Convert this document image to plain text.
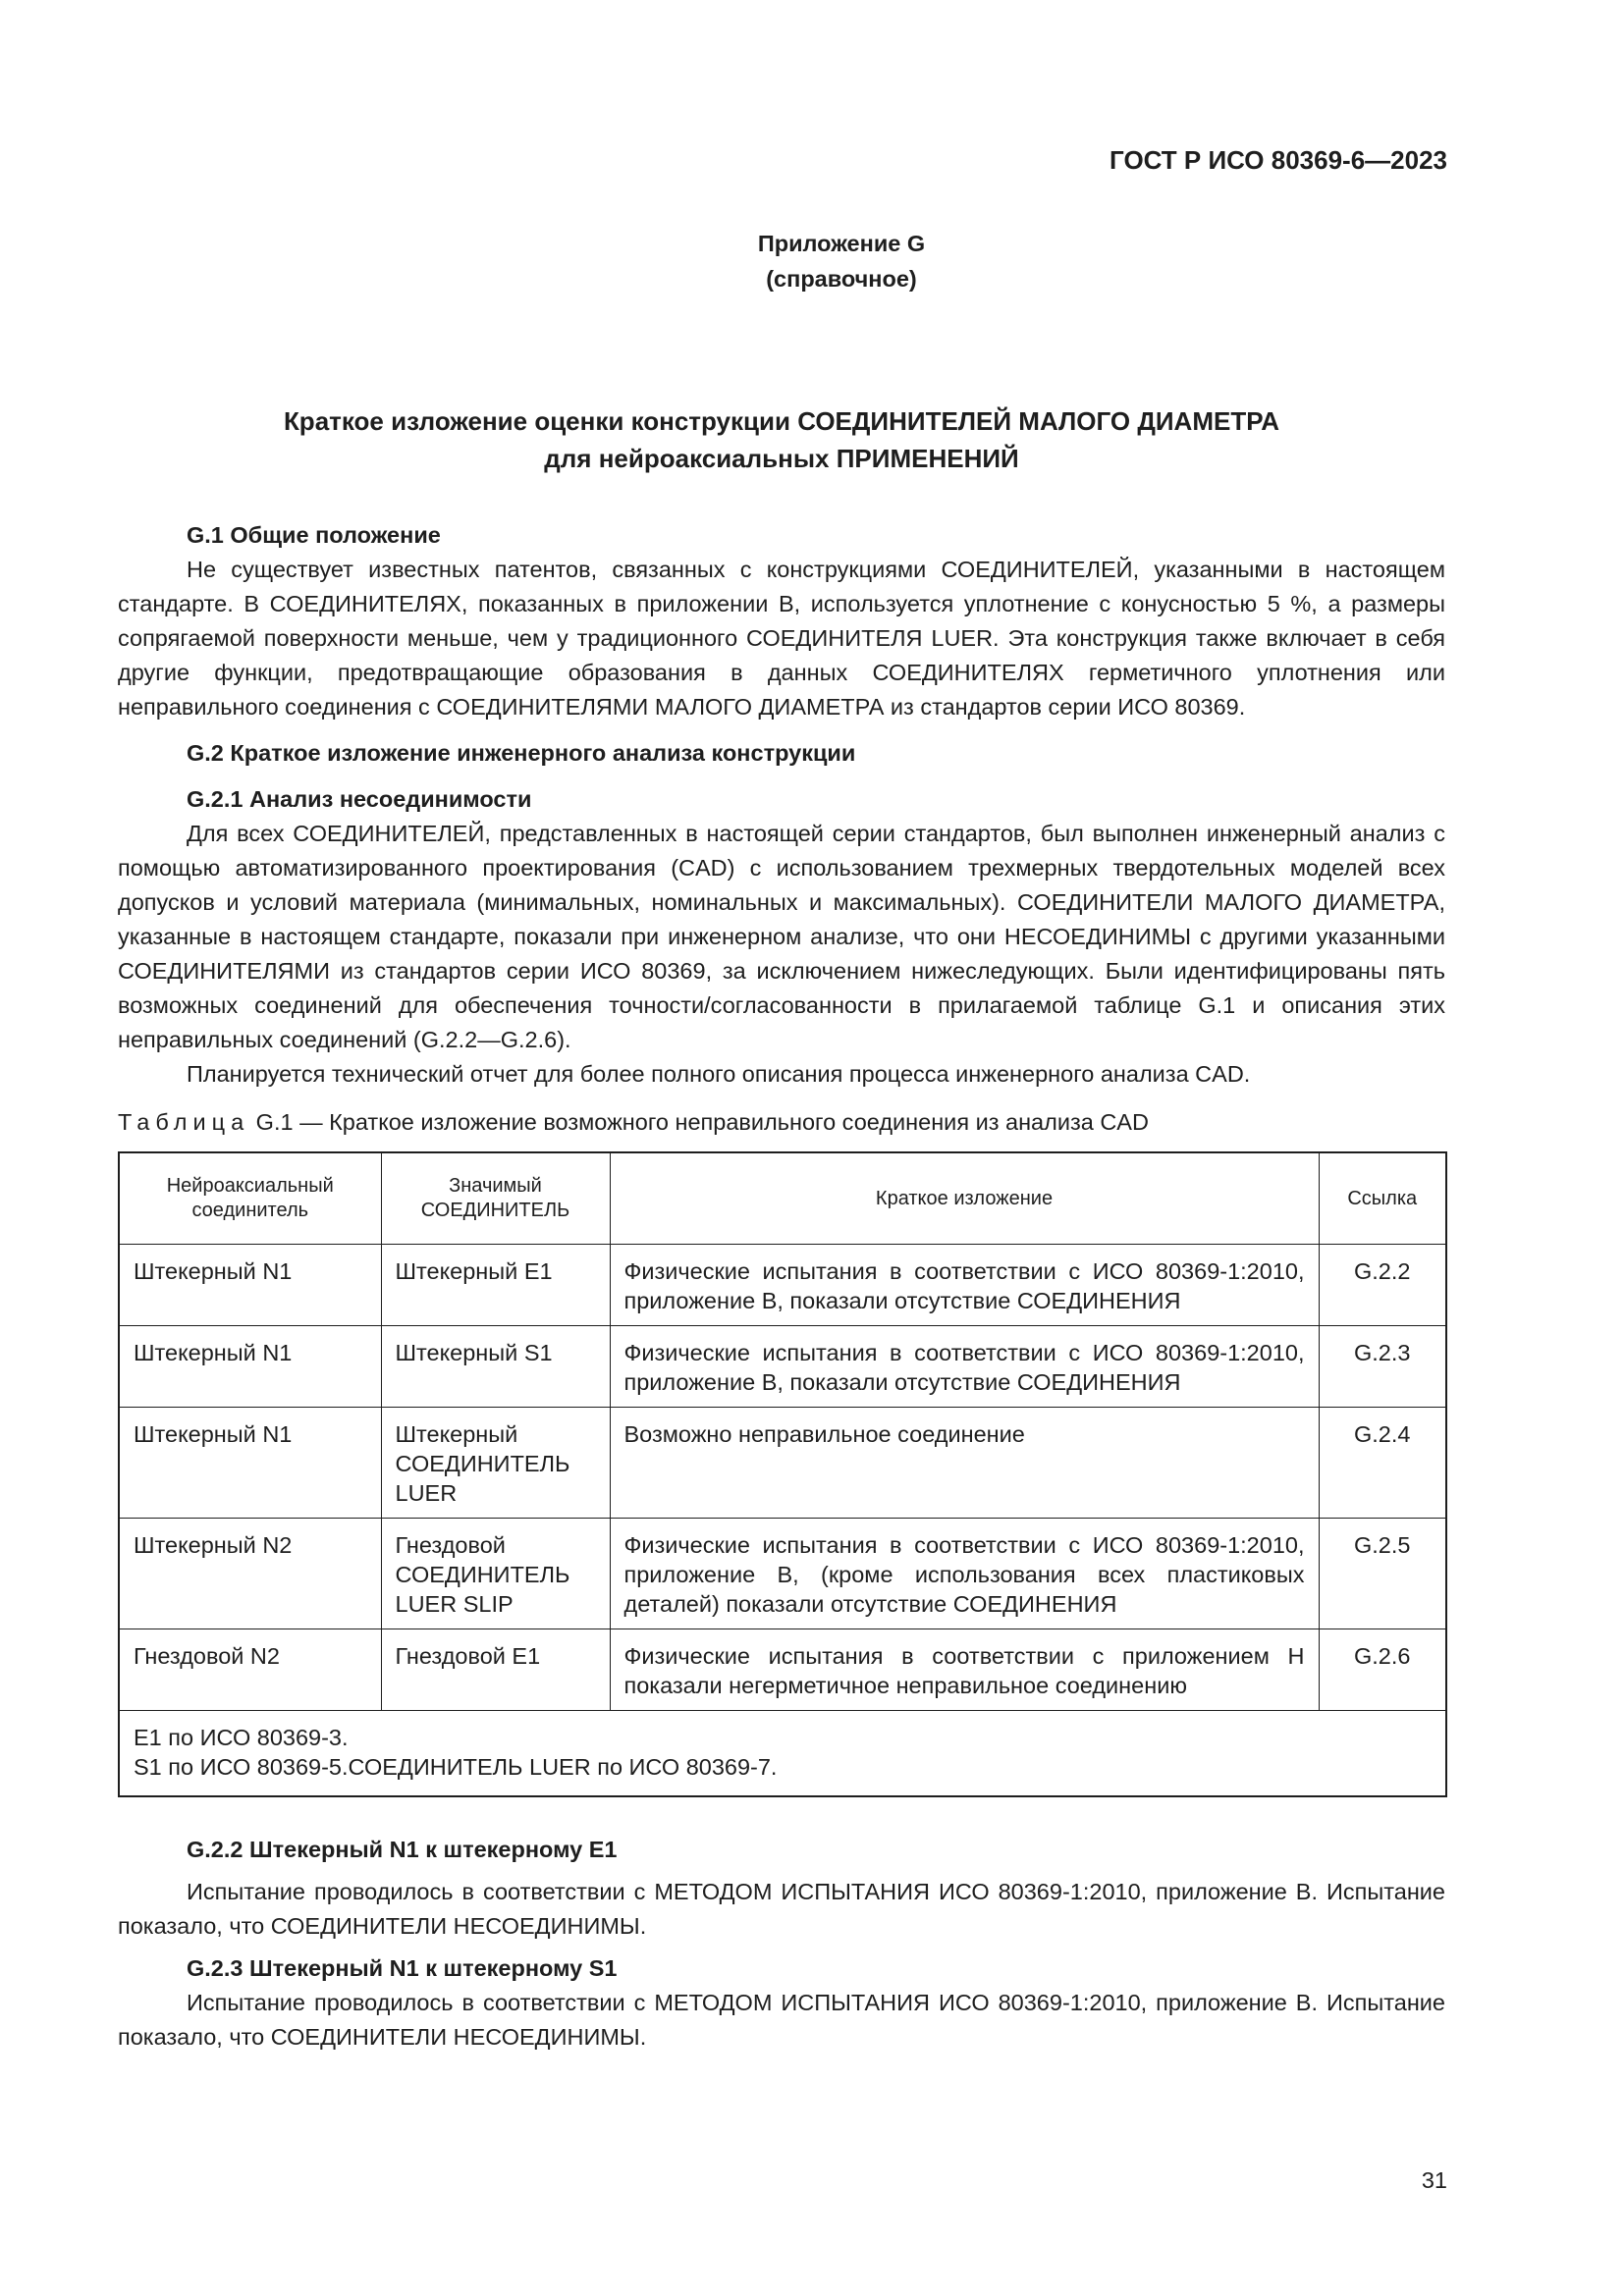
ГОСТ Р ИСО 80369-6—2023
Приложение G
(справочное)
Краткое изложение оценки конструкции СОЕДИНИТЕЛЕЙ МАЛОГО ДИАМЕТРА
для нейроаксиальных ПРИМЕНЕНИЙ
G.1 Общие положение

Не существует известных патентов, связанных с конструкциями СОЕДИНИТЕЛЕЙ, указанными в настоящем стандарте. В СОЕДИНИТЕЛЯХ, показанных в приложении В, используется уплотнение с конусностью 5 %, а размеры сопрягаемой поверхности меньше, чем у традиционного СОЕДИНИТЕЛЯ LUER. Эта конструкция также включает в себя другие функции, предотвращающие образования в данных СОЕДИНИТЕЛЯХ герметичного уплотнения или неправильного соединения с СОЕДИНИТЕЛЯМИ МАЛОГО ДИАМЕТРА из стандартов серии ИСО 80369.

G.2 Краткое изложение инженерного анализа конструкции
G.2.1 Анализ несоединимости

Для всех СОЕДИНИТЕЛЕЙ, представленных в настоящей серии стандартов, был выполнен инженерный анализ с помощью автоматизированного проектирования (CAD) с использованием трехмерных твердотельных моделей всех допусков и условий материала (минимальных, номинальных и максимальных). СОЕДИНИТЕЛИ МАЛОГО ДИАМЕТРА, указанные в настоящем стандарте, показали при инженерном анализе, что они НЕСОЕДИНИМЫ с другими указанными СОЕДИНИТЕЛЯМИ из стандартов серии ИСО 80369, за исключением нижеследующих. Были идентифицированы пять возможных соединений для обеспечения точности/согласованности в прилагаемой таблице G.1 и описания этих неправильных соединений (G.2.2—G.2.6).

Планируется технический отчет для более полного описания процесса инженерного анализа CAD.

Таблица G.1 — Краткое изложение возможного неправильного соединения из анализа CAD
Нейроаксиальный соединитель	Значимый СОЕДИНИТЕЛЬ	Краткое изложение	Ссылка
Штекерный N1	Штекерный E1	Физические испытания в соответствии с ИСО 80369-1:2010, приложение В, показали отсутствие СОЕДИНЕНИЯ	G.2.2
Штекерный N1	Штекерный S1	Физические испытания в соответствии с ИСО 80369-1:2010, приложение В, показали отсутствие СОЕДИНЕНИЯ	G.2.3
Штекерный N1	Штекерный СОЕДИНИТЕЛЬ LUER	Возможно неправильное соединение	G.2.4
Штекерный N2	Гнездовой СОЕДИНИТЕЛЬ LUER SLIP	Физические испытания в соответствии с ИСО 80369-1:2010, приложение В, (кроме использования всех пластиковых деталей) показали отсутствие СОЕДИНЕНИЯ	G.2.5
Гнездовой N2	Гнездовой E1	Физические испытания в соответствии с приложением Н показали негерметичное неправильное соединению	G.2.6

E1 по ИСО 80369-3.
S1 по ИСО 80369-5.СОЕДИНИТЕЛЬ LUER по ИСО 80369-7.			
G.2.2 Штекерный N1 к штекерному E1

Испытание проводилось в соответствии с МЕТОДОМ ИСПЫТАНИЯ ИСО 80369-1:2010, приложение В. Испытание показало, что СОЕДИНИТЕЛИ НЕСОЕДИНИМЫ.

G.2.3 Штекерный N1 к штекерному S1

Испытание проводилось в соответствии с МЕТОДОМ ИСПЫТАНИЯ ИСО 80369-1:2010, приложение В. Испытание показало, что СОЕДИНИТЕЛИ НЕСОЕДИНИМЫ.

31
